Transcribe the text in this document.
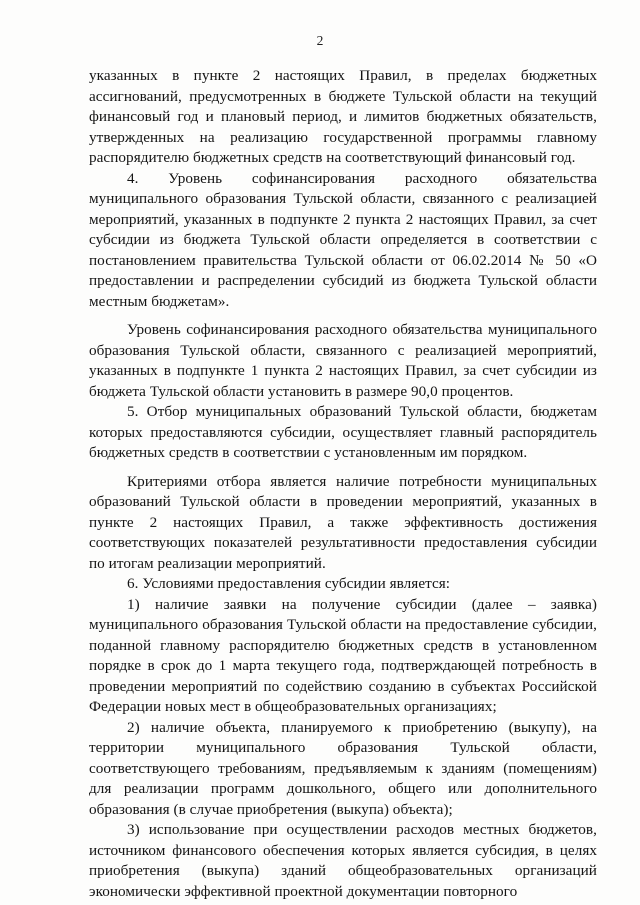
2

указанных в пункте 2 настоящих Правил, в пределах бюджетных ассигнований, предусмотренных в бюджете Тульской области на текущий финансовый год и плановый период, и лимитов бюджетных обязательств, утвержденных на реализацию государственной программы главному распорядителю бюджетных средств на соответствующий финансовый год.

4. Уровень софинансирования расходного обязательства муниципального образования Тульской области, связанного с реализацией мероприятий, указанных в подпункте 2 пункта 2 настоящих Правил, за счет субсидии из бюджета Тульской области определяется в соответствии с постановлением правительства Тульской области от 06.02.2014 № 50 «О предоставлении и распределении субсидий из бюджета Тульской области местным бюджетам».

Уровень софинансирования расходного обязательства муниципального образования Тульской области, связанного с реализацией мероприятий, указанных в подпункте 1 пункта 2 настоящих Правил, за счет субсидии из бюджета Тульской области установить в размере 90,0 процентов.

5. Отбор муниципальных образований Тульской области, бюджетам которых предоставляются субсидии, осуществляет главный распорядитель бюджетных средств в соответствии с установленным им порядком.

Критериями отбора является наличие потребности муниципальных образований Тульской области в проведении мероприятий, указанных в пункте 2 настоящих Правил, а также эффективность достижения соответствующих показателей результативности предоставления субсидии по итогам реализации мероприятий.

6. Условиями предоставления субсидии является:

1) наличие заявки на получение субсидии (далее – заявка) муниципального образования Тульской области на предоставление субсидии, поданной главному распорядителю бюджетных средств в установленном порядке в срок до 1 марта текущего года, подтверждающей потребность в проведении мероприятий по содействию созданию в субъектах Российской Федерации новых мест в общеобразовательных организациях;

2) наличие объекта, планируемого к приобретению (выкупу), на территории муниципального образования Тульской области, соответствующего требованиям, предъявляемым к зданиям (помещениям) для реализации программ дошкольного, общего или дополнительного образования (в случае приобретения (выкупа) объекта);

3) использование при осуществлении расходов местных бюджетов, источником финансового обеспечения которых является субсидия, в целях приобретения (выкупа) зданий общеобразовательных организаций экономически эффективной проектной документации повторного
